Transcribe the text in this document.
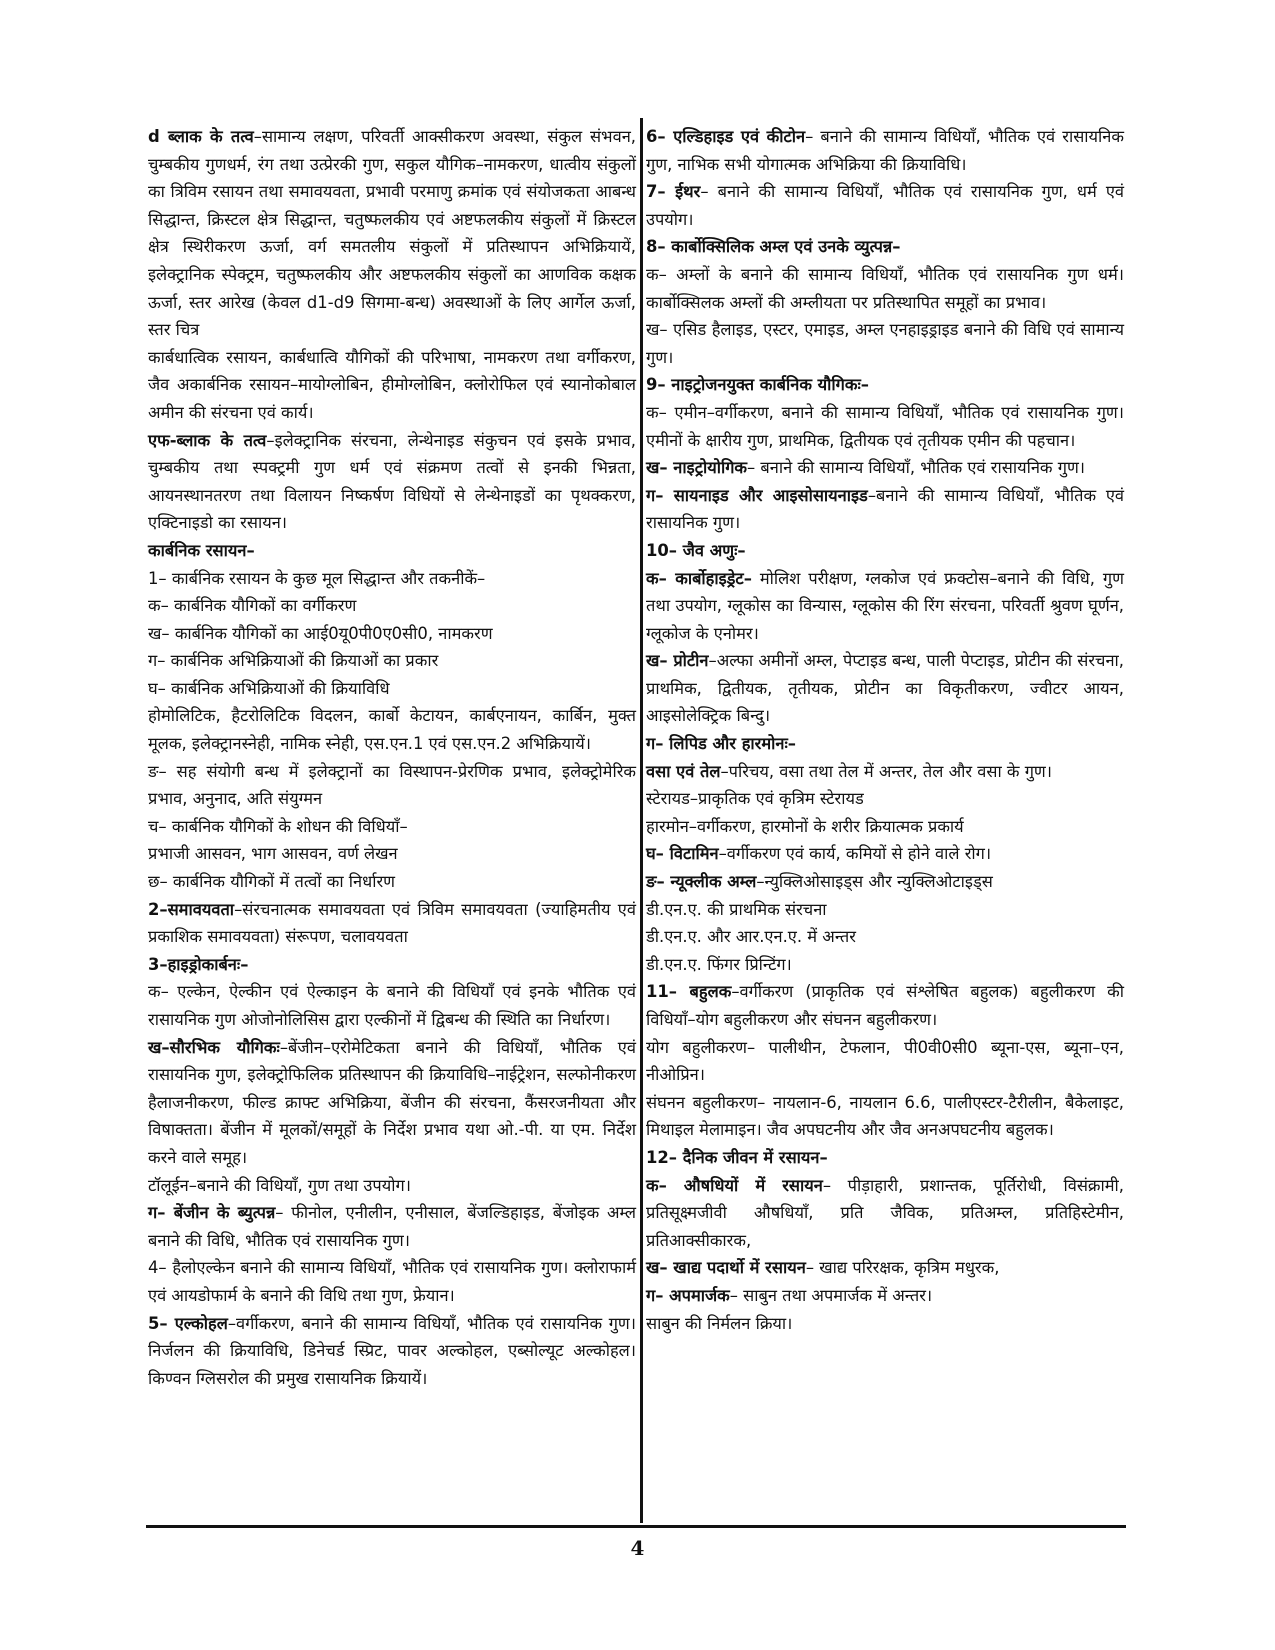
d ब्लाक के तत्व–सामान्य लक्षण, परिवर्ती आक्सीकरण अवस्था, संकुल संभवन, चुम्बकीय गुणधर्म, रंग तथा उत्प्रेरकी गुण, सकुल यौगिक–नामकरण, धात्वीय संकुलों का त्रिविम रसायन तथा समावयवता, प्रभावी परमाणु क्रमांक एवं संयोजकता आबन्ध सिद्धान्त, क्रिस्टल क्षेत्र सिद्धान्त, चतुष्फलकीय एवं अष्टफलकीय संकुलों में क्रिस्टल क्षेत्र स्थिरीकरण ऊर्जा, वर्ग समतलीय संकुलों में प्रतिस्थापन अभिक्रियायें, इलेक्ट्रानिक स्पेक्ट्रम, चतुष्फलकीय और अष्टफलकीय संकुलों का आणविक कक्षक ऊर्जा, स्तर आरेख (केवल d1-d9 सिगमा-बन्ध) अवस्थाओं के लिए आर्गेल ऊर्जा, स्तर चित्र

कार्बधात्विक रसायन, कार्बधात्वि यौगिकों की परिभाषा, नामकरण तथा वर्गीकरण, जैव अकार्बनिक रसायन–मायोग्लोबिन, हीमोग्लोबिन, क्लोरोफिल एवं स्यानोकोबाल अमीन की संरचना एवं कार्य।

एफ-ब्लाक के तत्व–इलेक्ट्रानिक संरचना, लेन्थेनाइड संकुचन एवं इसके प्रभाव, चुम्बकीय तथा स्पक्ट्रमी गुण धर्म एवं संक्रमण तत्वों से इनकी भिन्नता, आयनस्थानतरण तथा विलायन निष्कर्षण विधियों से लेन्थेनाइडों का पृथक्करण, एक्टिनाइडो का रसायन।

कार्बनिक रसायन–

1– कार्बनिक रसायन के कुछ मूल सिद्धान्त और तकनीकें–

क– कार्बनिक यौगिकों का वर्गीकरण

ख– कार्बनिक यौगिकों का आई0यू0पी0ए0सी0, नामकरण

ग– कार्बनिक अभिक्रियाओं की क्रियाओं का प्रकार

घ– कार्बनिक अभिक्रियाओं की क्रियाविधि

होमोलिटिक, हैटरोलिटिक विदलन, कार्बो केटायन, कार्बएनायन, कार्बिन, मुक्त मूलक, इलेक्ट्रानस्नेही, नामिक स्नेही, एस.एन.1 एवं एस.एन.2 अभिक्रियायें।

ङ– सह संयोगी बन्ध में इलेक्ट्रानों का विस्थापन-प्रेरणिक प्रभाव, इलेक्ट्रोमेरिक प्रभाव, अनुनाद, अति संयुग्मन

च– कार्बनिक यौगिकों के शोधन की विधियाँ–

प्रभाजी आसवन, भाग आसवन, वर्ण लेखन

छ– कार्बनिक यौगिकों में तत्वों का निर्धारण

2–समावयवता–संरचनात्मक समावयवता एवं त्रिविम समावयवता (ज्याहिमतीय एवं प्रकाशिक समावयवता) संरूपण, चलावयवता

3–हाइड्रोकार्बनः–

क– एल्केन, ऐल्कीन एवं ऐल्काइन के बनाने की विधियाँ एवं इनके भौतिक एवं रासायनिक गुण ओजोनोलिसिस द्वारा एल्कीनों में द्विबन्ध की स्थिति का निर्धारण।

ख–सौरभिक यौगिकः–बेंजीन–एरोमेटिकता बनाने की विधियाँ, भौतिक एवं रासायनिक गुण, इलेक्ट्रोफिलिक प्रतिस्थापन की क्रियाविधि–नाईट्रेशन, सल्फोनीकरण हैलाजनीकरण, फील्ड क्राफ्ट अभिक्रिया, बेंजीन की संरचना, कैंसरजनीयता और विषाक्तता। बेंजीन में मूलकों/समूहों के निर्देश प्रभाव यथा ओ.-पी. या एम. निर्देश करने वाले समूह।

टॉलूईन–बनाने की विधियाँ, गुण तथा उपयोग।

ग– बेंजीन के ब्युत्पन्न– फीनोल, एनीलीन, एनीसाल, बेंजल्डिहाइड, बेंजोइक अम्ल बनाने की विधि, भौतिक एवं रासायनिक गुण।

4– हैलोएल्केन बनाने की सामान्य विधियाँ, भौतिक एवं रासायनिक गुण। क्लोराफार्म एवं आयडोफार्म के बनाने की विधि तथा गुण, फ्रेयान।

5– एल्कोहल–वर्गीकरण, बनाने की सामान्य विधियाँ, भौतिक एवं रासायनिक गुण। निर्जलन की क्रियाविधि, डिनेचर्ड स्प्रिट, पावर अल्कोहल, एब्सोल्यूट अल्कोहल। किण्वन ग्लिसरोल की प्रमुख रासायनिक क्रियायें।

6– एल्डिहाइड एवं कीटोन– बनाने की सामान्य विधियाँ, भौतिक एवं रासायनिक गुण, नाभिक सभी योगात्मक अभिक्रिया की क्रियाविधि।

7– ईथर– बनाने की सामान्य विधियाँ, भौतिक एवं रासायनिक गुण, धर्म एवं उपयोग।

8– कार्बोक्सिलिक अम्ल एवं उनके व्युत्पन्न–

क– अम्लों के बनाने की सामान्य विधियाँ, भौतिक एवं रासायनिक गुण धर्म। कार्बोक्सिलक अम्लों की अम्लीयता पर प्रतिस्थापित समूहों का प्रभाव।

ख– एसिड हैलाइड, एस्टर, एमाइड, अम्ल एनहाइड्राइड बनाने की विधि एवं सामान्य गुण।

9– नाइट्रोजनयुक्त कार्बनिक यौगिकः–

क– एमीन–वर्गीकरण, बनाने की सामान्य विधियाँ, भौतिक एवं रासायनिक गुण। एमीनों के क्षारीय गुण, प्राथमिक, द्वितीयक एवं तृतीयक एमीन की पहचान।

ख– नाइट्रोयोगिक– बनाने की सामान्य विधियाँ, भौतिक एवं रासायनिक गुण।

ग– सायनाइड और आइसोसायनाइड–बनाने की सामान्य विधियाँ, भौतिक एवं रासायनिक गुण।

10– जैव अणुः–

क– कार्बोहाइड्रेट– मोलिश परीक्षण, ग्लकोज एवं फ्रक्टोस–बनाने की विधि, गुण तथा उपयोग, ग्लूकोस का विन्यास, ग्लूकोस की रिंग संरचना, परिवर्ती श्रुवण घूर्णन, ग्लूकोज के एनोमर।

ख– प्रोटीन–अल्फा अमीनों अम्ल, पेप्टाइड बन्ध, पाली पेप्टाइड, प्रोटीन की संरचना, प्राथमिक, द्वितीयक, तृतीयक, प्रोटीन का विकृतीकरण, ज्वीटर आयन, आइसोलेक्ट्रिक बिन्दु।

ग– लिपिड और हारमोनः–

वसा एवं तेल–परिचय, वसा तथा तेल में अन्तर, तेल और वसा के गुण।

स्टेरायड–प्राकृतिक एवं कृत्रिम स्टेरायड

हारमोन–वर्गीकरण, हारमोनों के शरीर क्रियात्मक प्रकार्य

घ– विटामिन–वर्गीकरण एवं कार्य, कमियों से होने वाले रोग।

ङ– न्यूक्लीक अम्ल–न्युक्लिओसाइड्स और न्युक्लिओटाइड्स

डी.एन.ए. की प्राथमिक संरचना

डी.एन.ए. और आर.एन.ए. में अन्तर

डी.एन.ए. फिंगर प्रिन्टिंग।

11– बहुलक–वर्गीकरण (प्राकृतिक एवं संश्लेषित बहुलक) बहुलीकरण की विधियाँ–योग बहुलीकरण और संघनन बहुलीकरण।

योग बहुलीकरण– पालीथीन, टेफलान, पी0वी0सी0 ब्यूना-एस, ब्यूना–एन, नीओप्रिन।

संघनन बहुलीकरण– नायलान-6, नायलान 6.6, पालीएस्टर-टैरीलीन, बैकेलाइट, मिथाइल मेलामाइन। जैव अपघटनीय और जैव अनअपघटनीय बहुलक।

12– दैनिक जीवन में रसायन–

क– औषधियों में रसायन– पीड़ाहारी, प्रशान्तक, पूर्तिरोधी, विसंक्रामी, प्रतिसूक्ष्मजीवी औषधियाँ, प्रति जैविक, प्रतिअम्ल, प्रतिहिस्टेमीन, प्रतिआक्सीकारक,

ख– खाद्य पदार्थो में रसायन– खाद्य परिरक्षक, कृत्रिम मधुरक,

ग– अपमार्जक– साबुन तथा अपमार्जक में अन्तर।

साबुन की निर्मलन क्रिया।

4
